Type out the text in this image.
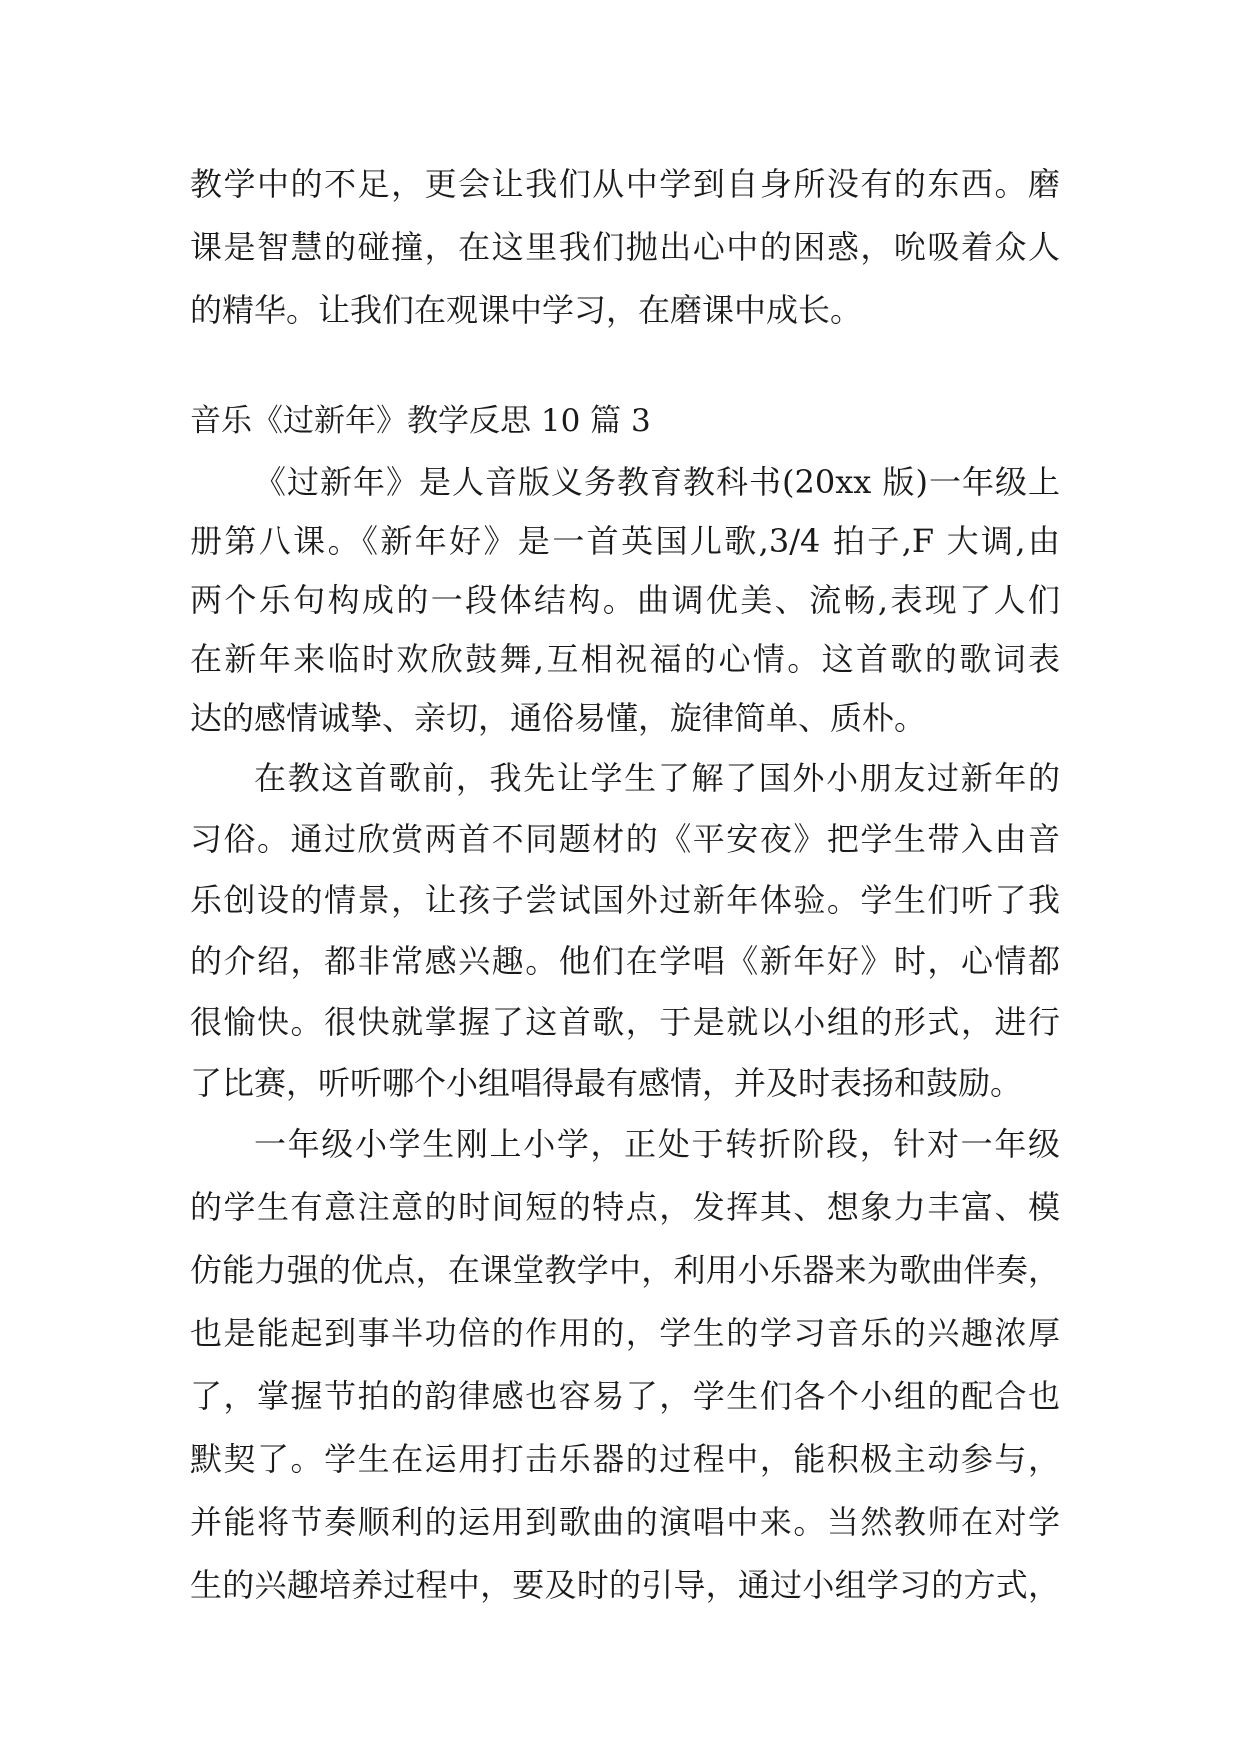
教学中的不足，更会让我们从中学到自身所没有的东西。磨
课是智慧的碰撞，在这里我们抛出心中的困惑，吮吸着众人
的精华。让我们在观课中学习，在磨课中成长。
音乐《过新年》教学反思 10 篇 3
《过新年》是人音版义务教育教科书(20xx 版)一年级上
册第八课。《新年好》是一首英国儿歌,3/4 拍子,F 大调,由
两个乐句构成的一段体结构。曲调优美、流畅,表现了人们
在新年来临时欢欣鼓舞,互相祝福的心情。这首歌的歌词表
达的感情诚挚、亲切，通俗易懂，旋律简单、质朴。
在教这首歌前，我先让学生了解了国外小朋友过新年的
习俗。通过欣赏两首不同题材的《平安夜》把学生带入由音
乐创设的情景，让孩子尝试国外过新年体验。学生们听了我
的介绍，都非常感兴趣。他们在学唱《新年好》时，心情都
很愉快。很快就掌握了这首歌，于是就以小组的形式，进行
了比赛，听听哪个小组唱得最有感情，并及时表扬和鼓励。
一年级小学生刚上小学，正处于转折阶段，针对一年级
的学生有意注意的时间短的特点，发挥其、想象力丰富、模
仿能力强的优点，在课堂教学中，利用小乐器来为歌曲伴奏，
也是能起到事半功倍的作用的，学生的学习音乐的兴趣浓厚
了，掌握节拍的韵律感也容易了，学生们各个小组的配合也
默契了。学生在运用打击乐器的过程中，能积极主动参与，
并能将节奏顺利的运用到歌曲的演唱中来。当然教师在对学
生的兴趣培养过程中，要及时的引导，通过小组学习的方式，
